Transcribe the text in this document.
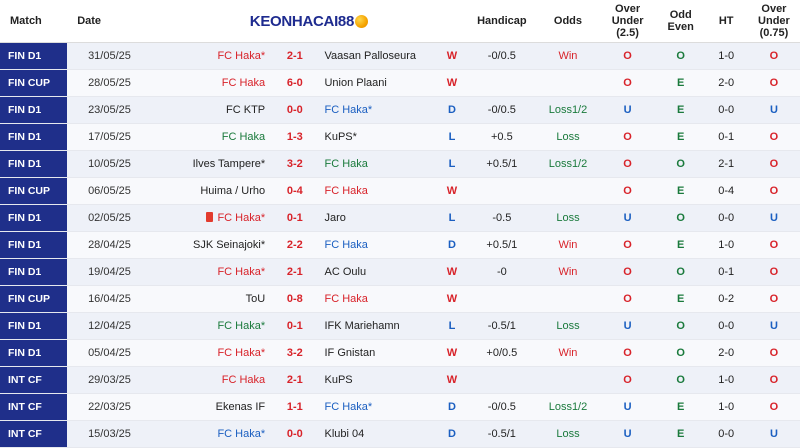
Match	Date	KEONHACAI88				Handicap	Odds	Over
Under
(2.5)	Odd
Even	HT	Over
Under
(0.75)
FIN D1	31/05/25	FC Haka*	2-1	Vaasan Palloseura	W	-0/0.5	Win	O	O	1-0	O
FIN CUP	28/05/25	FC Haka	6-0	Union Plaani	W			O	E	2-0	O
FIN D1	23/05/25	FC KTP	0-0	FC Haka*	D	-0/0.5	Loss1/2	U	E	0-0	U
FIN D1	17/05/25	FC Haka	1-3	KuPS*	L	+0.5	Loss	O	E	0-1	O
FIN D1	10/05/25	Ilves Tampere*	3-2	FC Haka	L	+0.5/1	Loss1/2	O	O	2-1	O
FIN CUP	06/05/25	Huima / Urho	0-4	FC Haka	W			O	E	0-4	O
FIN D1	02/05/25	FC Haka*	0-1	Jaro	L	-0.5	Loss	U	O	0-0	U
FIN D1	28/04/25	SJK Seinajoki*	2-2	FC Haka	D	+0.5/1	Win	O	E	1-0	O
FIN D1	19/04/25	FC Haka*	2-1	AC Oulu	W	-0	Win	O	O	0-1	O
FIN CUP	16/04/25	ToU	0-8	FC Haka	W			O	E	0-2	O
FIN D1	12/04/25	FC Haka*	0-1	IFK Mariehamn	L	-0.5/1	Loss	U	O	0-0	U
FIN D1	05/04/25	FC Haka*	3-2	IF Gnistan	W	+0/0.5	Win	O	O	2-0	O
INT CF	29/03/25	FC Haka	2-1	KuPS	W			O	O	1-0	O
INT CF	22/03/25	Ekenas IF	1-1	FC Haka*	D	-0/0.5	Loss1/2	U	E	1-0	O
INT CF	15/03/25	FC Haka*	0-0	Klubi 04	D	-0.5/1	Loss	U	E	0-0	U
